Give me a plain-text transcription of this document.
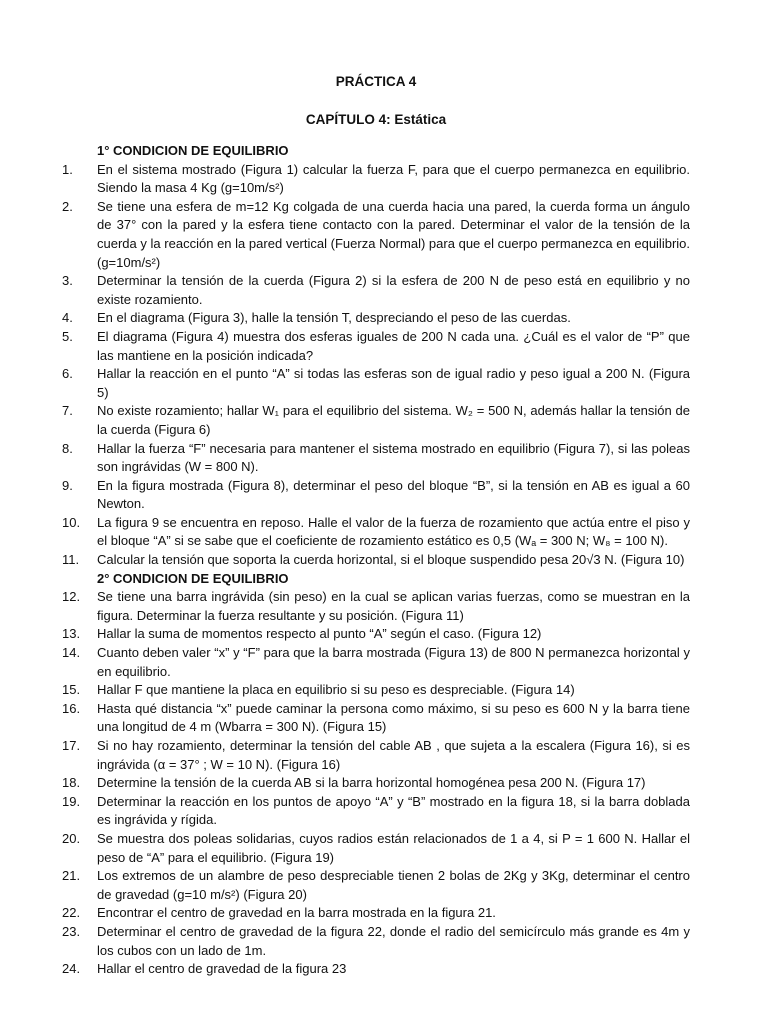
PRÁCTICA 4
CAPÍTULO 4: Estática
1° CONDICION DE EQUILIBRIO
1.	En el sistema mostrado (Figura 1) calcular la fuerza F, para que el cuerpo permanezca en equilibrio. Siendo la masa 4 Kg (g=10m/s²)
2.	Se tiene una esfera de m=12 Kg colgada de una cuerda hacia una pared, la cuerda forma un ángulo de 37° con la pared y la esfera tiene contacto con la pared. Determinar el valor de la tensión de la cuerda y la reacción en la pared vertical (Fuerza Normal) para que el cuerpo permanezca en equilibrio. (g=10m/s²)
3.	Determinar la tensión de la cuerda (Figura 2) si la esfera de 200 N de peso está en equilibrio y no existe rozamiento.
4.	En el diagrama (Figura 3), halle la tensión T, despreciando el peso de las cuerdas.
5.	El diagrama (Figura 4) muestra dos esferas iguales de 200 N cada una. ¿Cuál es el valor de “P” que las mantiene en la posición indicada?
6.	Hallar la reacción en el punto “A” si todas las esferas son de igual radio y peso igual a 200 N. (Figura 5)
7.	No existe rozamiento; hallar W₁ para el equilibrio del sistema. W₂ = 500 N, además hallar la tensión de la cuerda (Figura 6)
8.	Hallar la fuerza “F” necesaria para mantener el sistema mostrado en equilibrio (Figura 7), si las poleas son ingrávidas (W = 800 N).
9.	En la figura mostrada (Figura 8), determinar el peso del bloque “B”, si la tensión en AB es igual a 60 Newton.
10.	La figura 9 se encuentra en reposo. Halle el valor de la fuerza de rozamiento que actúa entre el piso y el bloque “A” si se sabe que el coeficiente de rozamiento estático es 0,5 (Wₐ = 300 N; W₈ = 100 N).
11.	Calcular la tensión que soporta la cuerda horizontal, si el bloque suspendido pesa 20√3 N. (Figura 10)
2° CONDICION DE EQUILIBRIO
12.	Se tiene una barra ingrávida (sin peso) en la cual se aplican varias fuerzas, como se muestran en la figura. Determinar la fuerza resultante y su posición. (Figura 11)
13.	Hallar la suma de momentos respecto al punto “A” según el caso. (Figura 12)
14.	Cuanto deben valer “x” y “F” para que la barra mostrada (Figura 13) de 800 N permanezca horizontal y en equilibrio.
15.	Hallar F que mantiene la placa en equilibrio si su peso es despreciable. (Figura 14)
16.	Hasta qué distancia “x” puede caminar la persona como máximo, si su peso es 600 N y la barra tiene una longitud de 4 m (Wbarra = 300 N). (Figura 15)
17.	Si no hay rozamiento, determinar la tensión del cable AB , que sujeta a la escalera (Figura 16), si es ingrávida (α = 37° ; W = 10 N). (Figura 16)
18.	Determine la tensión de la cuerda AB si la barra horizontal homogénea pesa 200 N. (Figura 17)
19.	Determinar la reacción en los puntos de apoyo “A” y “B” mostrado en la figura 18, si la barra doblada es ingrávida y rígida.
20.	Se muestra dos poleas solidarias, cuyos radios están relacionados de 1 a 4, si P = 1 600 N. Hallar el peso de “A” para el equilibrio. (Figura 19)
21.	Los extremos de un alambre de peso despreciable tienen 2 bolas de 2Kg y 3Kg, determinar el centro de gravedad (g=10 m/s²) (Figura 20)
22.	Encontrar el centro de gravedad en la barra mostrada en la figura 21.
23.	Determinar el centro de gravedad de la figura 22, donde el radio del semicírculo más grande es 4m y los cubos con un lado de 1m.
24.	Hallar el centro de gravedad de la figura 23
